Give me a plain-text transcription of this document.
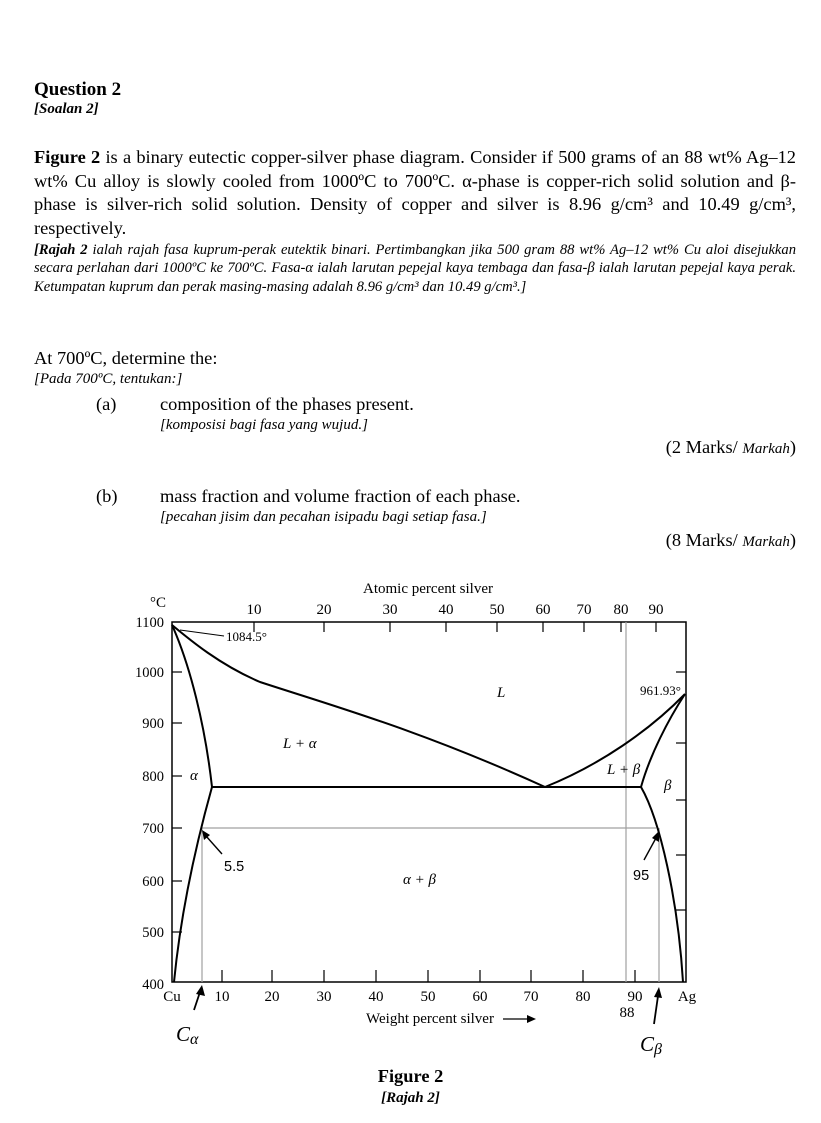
Question 2
[Soalan 2]
Figure 2 is a binary eutectic copper-silver phase diagram. Consider if 500 grams of an 88 wt% Ag–12 wt% Cu alloy is slowly cooled from 1000ºC to 700ºC. α-phase is copper-rich solid solution and β-phase is silver-rich solid solution. Density of copper and silver is 8.96 g/cm³ and 10.49 g/cm³, respectively.
[Rajah 2 ialah rajah fasa kuprum-perak eutektik binari. Pertimbangkan jika 500 gram 88 wt% Ag–12 wt% Cu aloi disejukkan secara perlahan dari 1000ºC ke 700ºC. Fasa-α ialah larutan pepejal kaya tembaga dan fasa-β ialah larutan pepejal kaya perak. Ketumpatan kuprum dan perak masing-masing adalah 8.96 g/cm³ dan 10.49 g/cm³.]
At 700ºC, determine the:
[Pada 700ºC, tentukan:]
(a) composition of the phases present.
[komposisi bagi fasa yang wujud.]
(2 Marks/ Markah)
(b) mass fraction and volume fraction of each phase.
[pecahan jisim dan pecahan isipadu bagi setiap fasa.]
(8 Marks/ Markah)
Atomic percent silver
10	20	30	40 50 60 70 80 90
°C
1100
1000
900
800
700
600
500
400
Cu 10 20 30 40 50 60 70 80 90 Ag
88
Weight percent silver
1084.5°
961.93°
L
L + α
L + β
α
β
α + β
5.5
95
Cα	Cβ
Figure 2
[Rajah 2]
